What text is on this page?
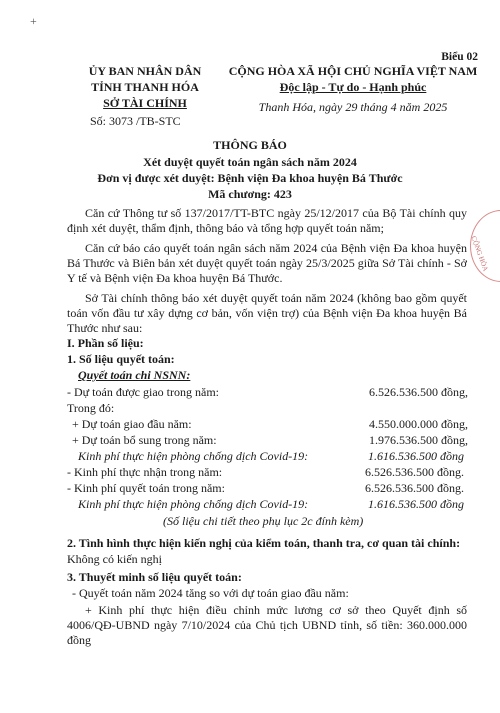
+
Biểu 02
ỦY BAN NHÂN DÂN
TỈNH THANH HÓA
SỞ TÀI CHÍNH
Số: 3073 /TB-STC
CỘNG HÒA XÃ HỘI CHỦ NGHĨA VIỆT NAM
Độc lập - Tự do - Hạnh phúc
Thanh Hóa, ngày 29 tháng 4 năm 2025
THÔNG BÁO
Xét duyệt quyết toán ngân sách năm 2024
Đơn vị được xét duyệt: Bệnh viện Đa khoa huyện Bá Thước
Mã chương: 423
Căn cứ Thông tư số 137/2017/TT-BTC ngày 25/12/2017 của Bộ Tài chính quy định xét duyệt, thẩm định, thông báo và tổng hợp quyết toán năm;
Căn cứ báo cáo quyết toán ngân sách năm 2024 của Bệnh viện Đa khoa huyện Bá Thước và Biên bản xét duyệt quyết toán ngày 25/3/2025 giữa Sở Tài chính - Sở Y tế và Bệnh viện Đa khoa huyện Bá Thước.
Sở Tài chính thông báo xét duyệt quyết toán năm 2024 (không bao gồm quyết toán vốn đầu tư xây dựng cơ bản, vốn viện trợ) của Bệnh viện Đa khoa huyện Bá Thước như sau:
I. Phần số liệu:
1. Số liệu quyết toán:
Quyết toán chi NSNN:
- Dự toán được giao trong năm:	6.526.536.500 đồng,
Trong đó:
+ Dự toán giao đầu năm:	4.550.000.000 đồng,
+ Dự toán bổ sung trong năm:	1.976.536.500 đồng,
Kinh phí thực hiện phòng chống dịch Covid-19:	1.616.536.500 đồng
- Kinh phí thực nhận trong năm:	6.526.536.500 đồng.
- Kinh phí quyết toán trong năm:	6.526.536.500 đồng.
Kinh phí thực hiện phòng chống dịch Covid-19:	1.616.536.500 đồng
(Số liệu chi tiết theo phụ lục 2c đính kèm)
2. Tình hình thực hiện kiến nghị của kiểm toán, thanh tra, cơ quan tài chính:
Không có kiến nghị
3. Thuyết minh số liệu quyết toán:
- Quyết toán năm 2024 tăng so với dự toán giao đầu năm:
+ Kinh phí thực hiện điều chỉnh mức lương cơ sở theo Quyết định số 4006/QĐ-UBND ngày 7/10/2024 của Chủ tịch UBND tỉnh, số tiền: 360.000.000 đồng
CỘNG HÒA
